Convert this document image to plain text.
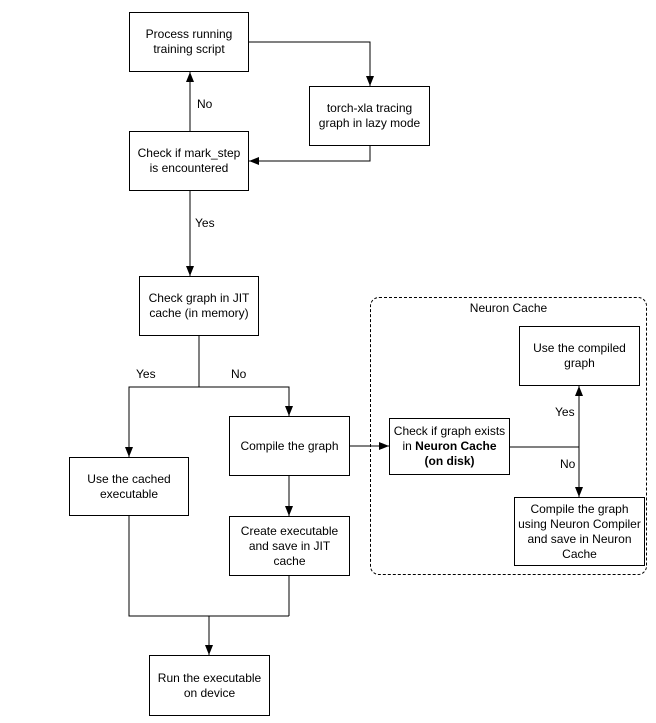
Neuron Cache
Process running training script
torch-xla tracing graph in lazy mode
Check if mark_step is encountered
Check graph in JIT cache (in memory)
Use the cached executable
Compile the graph
Create executable and save in JIT cache
Check if graph exists in Neuron Cache (on disk)
Use the compiled graph
Compile the graph using Neuron Compiler and save in Neuron Cache
Run the executable on device
No
Yes
Yes	No
Yes
No
